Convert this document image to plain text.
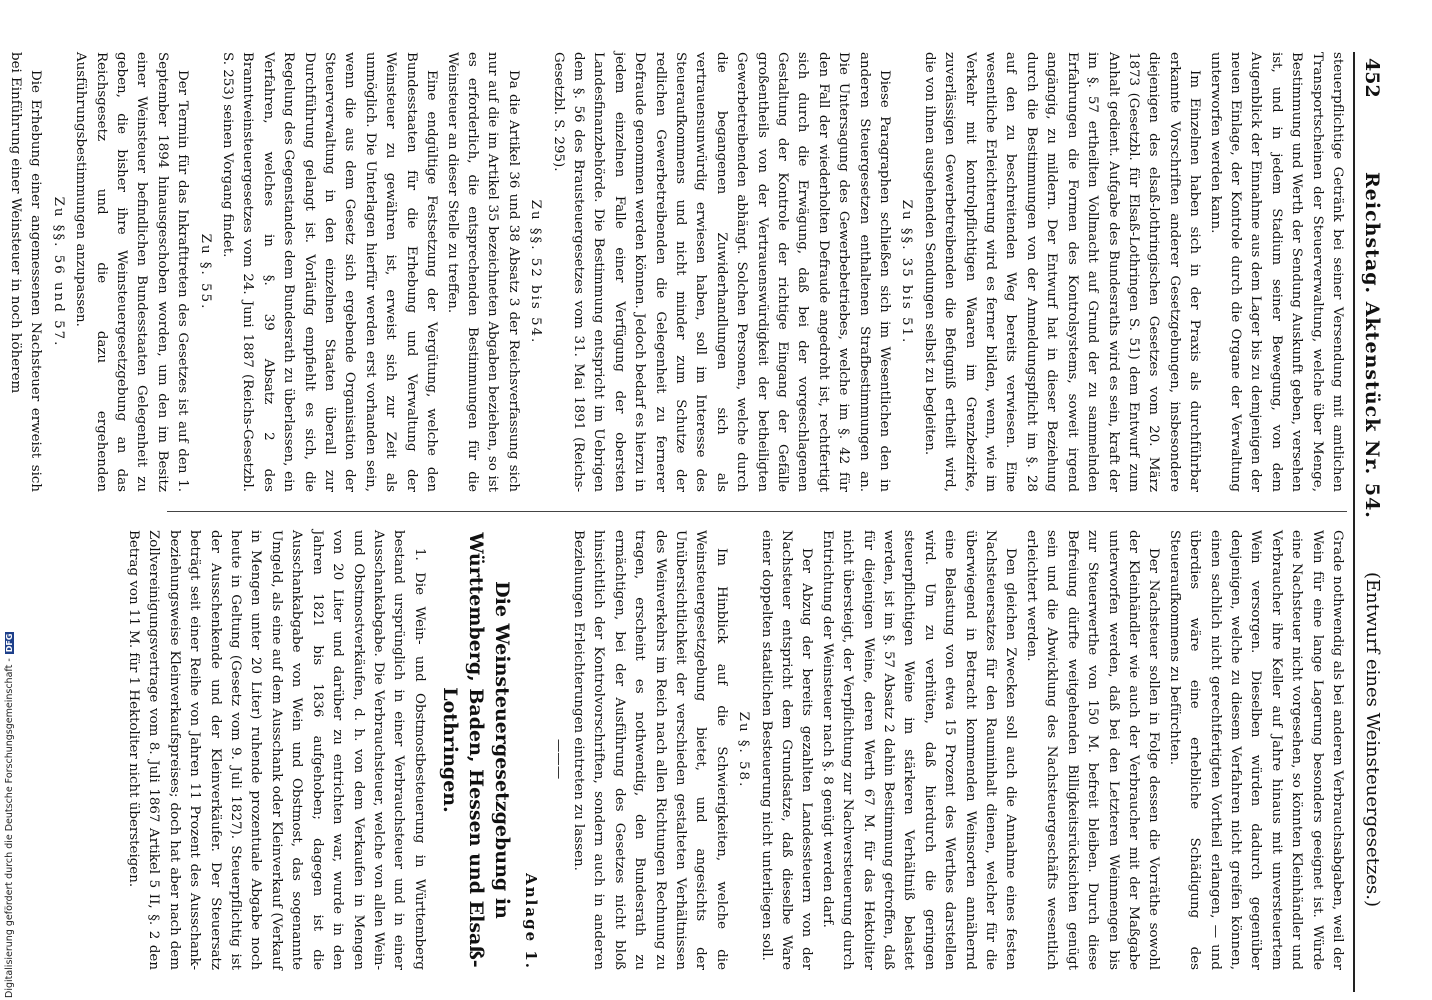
452
Reichstag. Aktenstück Nr. 54.
(Entwurf eines Weinsteuergesetzes.)

steuerpflichtige Getränk bei seiner Versendung mit amtlichen Transportscheinen der Steuerverwaltung, welche über Menge, Bestimmung und Werth der Sendung Auskunft geben, versehen ist, und in jedem Stadium seiner Bewegung, von dem Augenblick der Einnahme aus dem Lager bis zu demjenigen der neuen Einlage, der Kontrole durch die Organe der Verwaltung unterworfen werden kann.

Im Einzelnen haben sich in der Praxis als durchführbar erkannte Vorschriften anderer Gesetzgebungen, insbesondere diejenigen des elsaß-lothringischen Gesetzes vom 20. März 1873 (Gesetzbl. für Elsaß-Lothringen S. 51) dem Entwurf zum Anhalt gedient. Aufgabe des Bundesraths wird es sein, kraft der im §. 57 ertheilten Vollmacht auf Grund der zu sammelnden Erfahrungen die Formen des Kontrolsystems, soweit irgend angängig, zu mildern. Der Entwurf hat in dieser Beziehung durch die Bestimmungen von der Anmeldungspflicht im §. 28 auf den zu beschreitenden Weg bereits verwiesen. Eine wesentliche Erleichterung wird es ferner bilden, wenn, wie im Verkehr mit kontrolpflichtigen Waaren im Grenzbezirke, zuverlässigen Gewerbetreibenden die Befugniß ertheilt wird, die von ihnen ausgehenden Sendungen selbst zu begleiten.

Zu §§. 35 bis 51.

Diese Paragraphen schließen sich im Wesentlichen den in anderen Steuergesetzen enthaltenen Strafbestimmungen an. Die Untersagung des Gewerbebetriebes, welche im §. 42 für den Fall der wiederholten Defraude angedroht ist, rechtfertigt sich durch die Erwägung, daß bei der vorgeschlagenen Gestaltung der Kontrole der richtige Eingang der Gefälle großentheils von der Vertrauenswürdigkeit der betheiligten Gewerbetreibenden abhängt. Solchen Personen, welche durch die begangenen Zuwiderhandlungen sich als vertrauensunwürdig erwiesen haben, soll im Interesse des Steueraufkommens und nicht minder zum Schutze der redlichen Gewerbetreibenden die Gelegenheit zu fernerer Defraude genommen werden können. Jedoch bedarf es hierzu in jedem einzelnen Falle einer Verfügung der obersten Landesfinanzbehörde. Die Bestimmung entspricht im Uebrigen dem §. 56 des Brausteuergesetzes vom 31. Mai 1891 (Reichs-Gesetzbl. S. 295).

Zu §§. 52 bis 54.

Da die Artikel 36 und 38 Absatz 3 der Reichsverfassung sich nur auf die im Artikel 35 bezeichneten Abgaben beziehen, so ist es erforderlich, die entsprechenden Bestimmungen für die Weinsteuer an dieser Stelle zu treffen.

Eine endgültige Festsetzung der Vergütung, welche den Bundesstaaten für die Erhebung und Verwaltung der Weinsteuer zu gewähren ist, erweist sich zur Zeit als unmöglich. Die Unterlagen hierfür werden erst vorhanden sein, wenn die aus dem Gesetz sich ergebende Organisation der Steuerverwaltung in den einzelnen Staaten überall zur Durchführung gelangt ist. Vorläufig empfiehlt es sich, die Regelung des Gegenstandes dem Bundesrath zu überlassen, ein Verfahren, welches in §. 39 Absatz 2 des Branntweinsteuergesetzes vom 24. Juni 1887 (Reichs-Gesetzbl. S. 253) seinen Vorgang findet.

Zu §. 55.

Der Termin für das Inkrafttreten des Gesetzes ist auf den 1. September 1894 hinausgeschoben worden, um den im Besitz einer Weinsteuer befindlichen Bundesstaaten Gelegenheit zu geben, die bisher ihre Weinsteuergesetzgebung an das Reichsgesetz und die dazu ergehenden Ausführungsbestimmungen anzupassen.

Zu §§. 56 und 57.

Die Erhebung einer angemessenen Nachsteuer erweist sich bei Einführung einer Weinsteuer in noch höherem

Grade nothwendig als bei anderen Verbrauchsabgaben, weil der Wein für eine lange Lagerung besonders geeignet ist. Würde eine Nachsteuer nicht vorgesehen, so könnten Kleinhändler und Verbraucher ihre Keller auf Jahre hinaus mit unversteuertem Wein versorgen. Dieselben würden dadurch gegenüber denjenigen, welche zu diesem Verfahren nicht greifen können, einen sachlich nicht gerechtfertigten Vortheil erlangen, — und überdies wäre eine erhebliche Schädigung des Steueraufkommens zu befürchten.

Der Nachsteuer sollen in Folge dessen die Vorräthe sowohl der Kleinhändler wie auch der Verbraucher mit der Maßgabe unterworfen werden, daß bei den Letzteren Weinmengen bis zur Steuerwerthe von 150 M. befreit bleiben. Durch diese Befreiung dürfte weitgehenden Billigkeitsrücksichten genügt sein und die Abwicklung des Nachsteuergeschäfts wesentlich erleichtert werden.

Den gleichen Zwecken soll auch die Annahme eines festen Nachsteuersatzes für den Rauminhalt dienen, welcher für die überwiegend in Betracht kommenden Weinsorten annähernd eine Belastung von etwa 15 Prozent des Werthes darstellen wird. Um zu verhüten, daß hierdurch die geringen steuerpflichtigen Weine im stärkeren Verhältniß belastet werden, ist im §. 57 Absatz 2 dahin Bestimmung getroffen, daß für diejenigen Weine, deren Werth 67 M. für das Hektoliter nicht übersteigt, der Verpflichtung zur Nachversteuerung durch Entrichtung der Weinsteuer nach §. 8 genügt werden darf.

Der Abzug der bereits gezahlten Landessteuern von der Nachsteuer entspricht dem Grundsatze, daß dieselbe Ware einer doppelten staatlichen Besteuerung nicht unterliegen soll.

Zu §. 58.

Im Hinblick auf die Schwierigkeiten, welche die Weinsteuergesetzgebung bietet, und angesichts der Unübersichtlichkeit der verschieden gestalteten Verhältnissen des Weinverkehrs im Reich nach allen Richtungen Rechnung zu tragen, erscheint es nothwendig, den Bundesrath zu ermächtigen, bei der Ausführung des Gesetzes nicht bloß hinsichtlich der Kontrolvorschriften, sondern auch in anderen Beziehungen Erleichterungen eintreten zu lassen.

———

Anlage 1.

Die Weinsteuergesetzgebung in Württemberg, Baden, Hessen und Elsaß-Lothringen.

1. Die Wein- und Obstmostbesteuerung in Württemberg bestand ursprünglich in einer Verbrauchsteuer und in einer Ausschankabgabe. Die Verbrauchsteuer, welche von allen Wein- und Obstmostverkäufen, d. h. von dem Verkaufen in Mengen von 20 Liter und darüber zu entrichten war, wurde in den Jahren 1821 bis 1836 aufgehoben; dagegen ist die Ausschankabgabe von Wein und Obstmost, das sogenannte Umgeld, als eine auf dem Ausschank oder Kleinverkauf (Verkauf in Mengen unter 20 Liter) ruhende prozentuale Abgabe noch heute in Geltung (Gesetz vom 9. Juli 1827). Steuerpflichtig ist der Ausschenkende und der Kleinverkäufer. Der Steuersatz beträgt seit einer Reihe von Jahren 11 Prozent des Ausschank- beziehungsweise Kleinverkaufspreises; doch hat aber nach dem Zollvereinigungsvertrage vom 8. Juli 1867 Artikel 5 II, §. 2 den Betrag von 11 M. für 1 Hektoliter nicht übersteigen.

Digitalisierung gefördert durch die Deutsche Forschungsgemeinschaft -DFG
